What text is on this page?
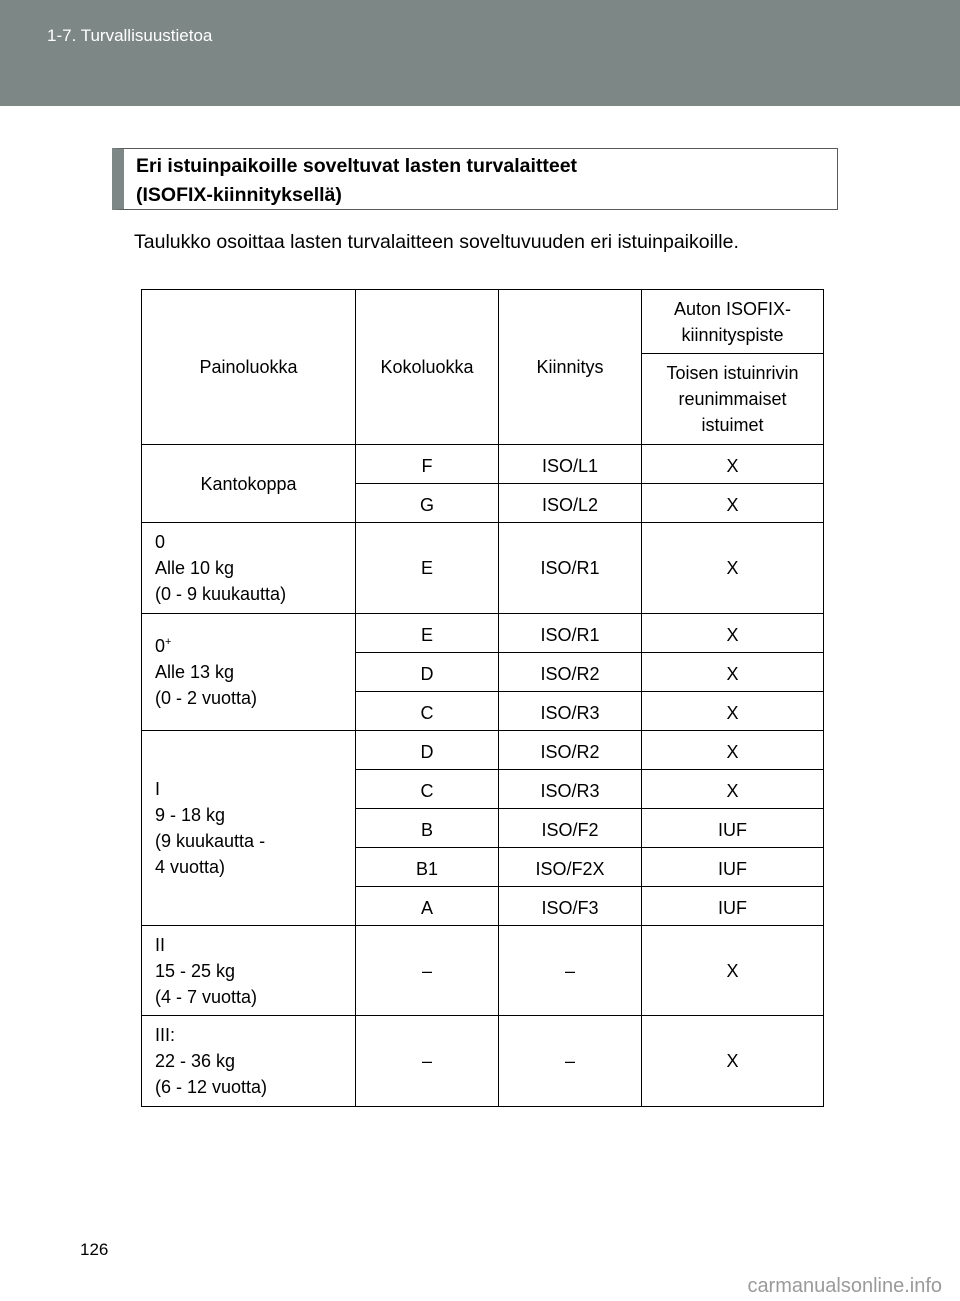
1-7. Turvallisuustietoa
Eri istuinpaikoille soveltuvat lasten turvalaitteet
(ISOFIX-kiinnityksellä)
Taulukko osoittaa lasten turvalaitteen soveltuvuuden eri istuinpaikoille.
Painoluokka	Kokoluokka	Kiinnitys	Auton ISOFIX-kiinnityspiste
			Toisen istuinrivin reunimmaiset istuimet
Kantokoppa	F	ISO/L1	X
	G	ISO/L2	X

0
Alle 10 kg
(0 - 9 kuukautta)	E	ISO/R1	X

0+
Alle 13 kg
(0 - 2 vuotta)	E	ISO/R1	X
	D	ISO/R2	X
	C	ISO/R3	X

I
9 - 18 kg
(9 kuukautta -
4 vuotta)	D	ISO/R2	X
	C	ISO/R3	X
	B	ISO/F2	IUF
	B1	ISO/F2X	IUF
	A	ISO/F3	IUF

II
15 - 25 kg
(4 - 7 vuotta)	–	–	X

III:
22 - 36 kg
(6 - 12 vuotta)	–	–	X
126
carmanualsonline.info
